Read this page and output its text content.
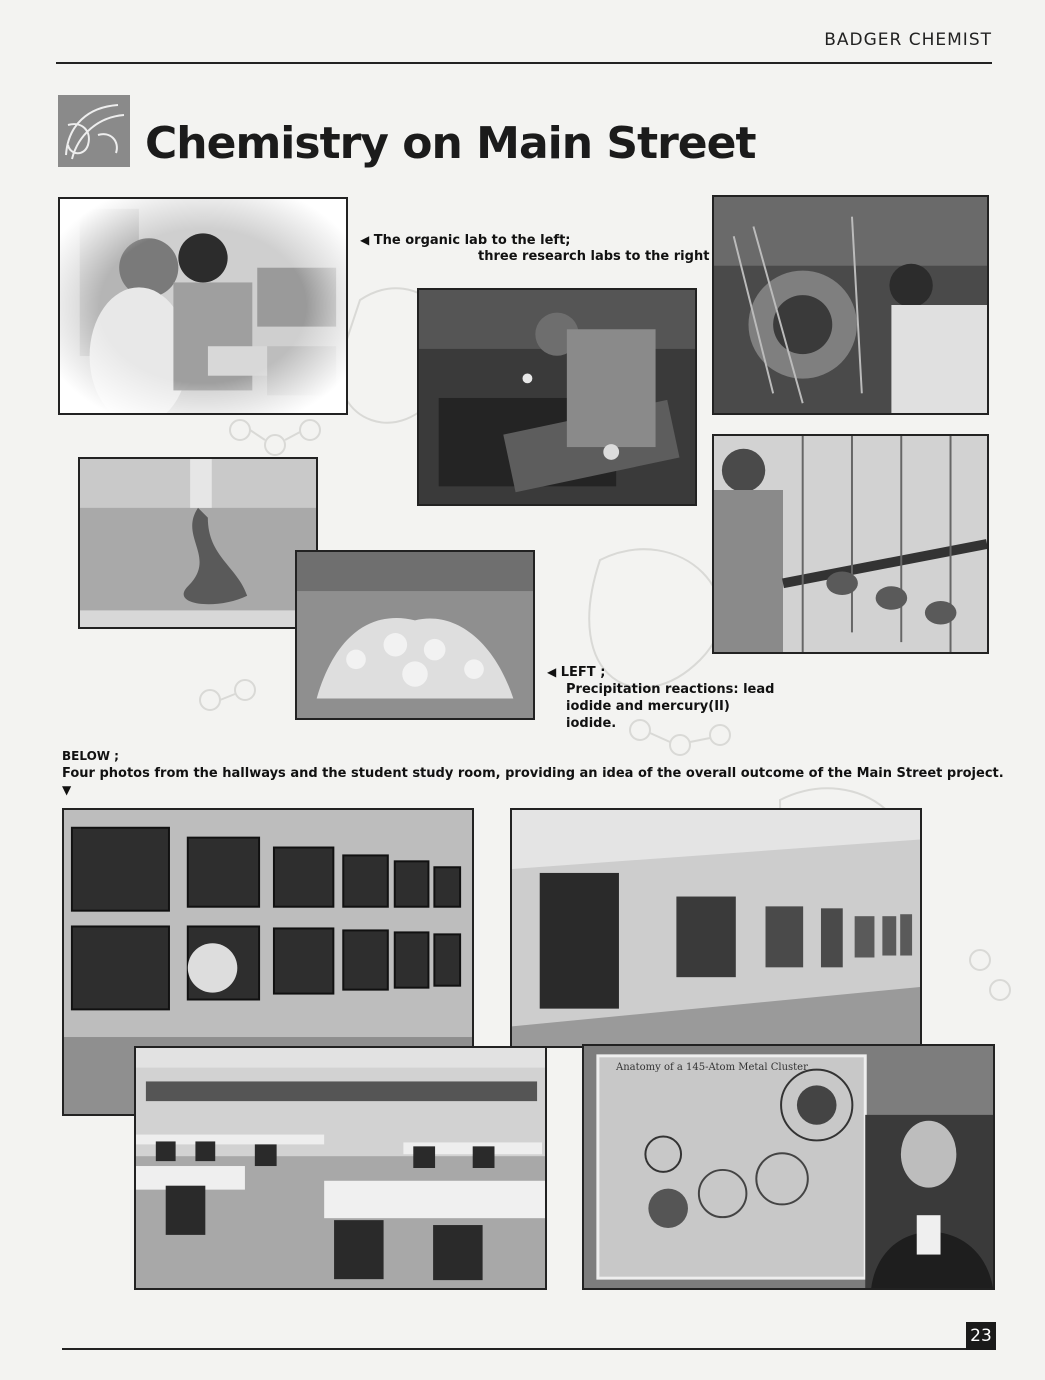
BADGER CHEMIST
Chemistry on Main Street
◀ The organic lab to the left;
three research labs to the right
◀ LEFT ;
Precipitation reactions: lead
iodide and mercury(II) iodide.
BELOW ;
Four photos from the hallways and the student study room, providing an idea of the overall outcome of the Main Street project.
▼
Anatomy of a 145-Atom Metal Cluster
23
